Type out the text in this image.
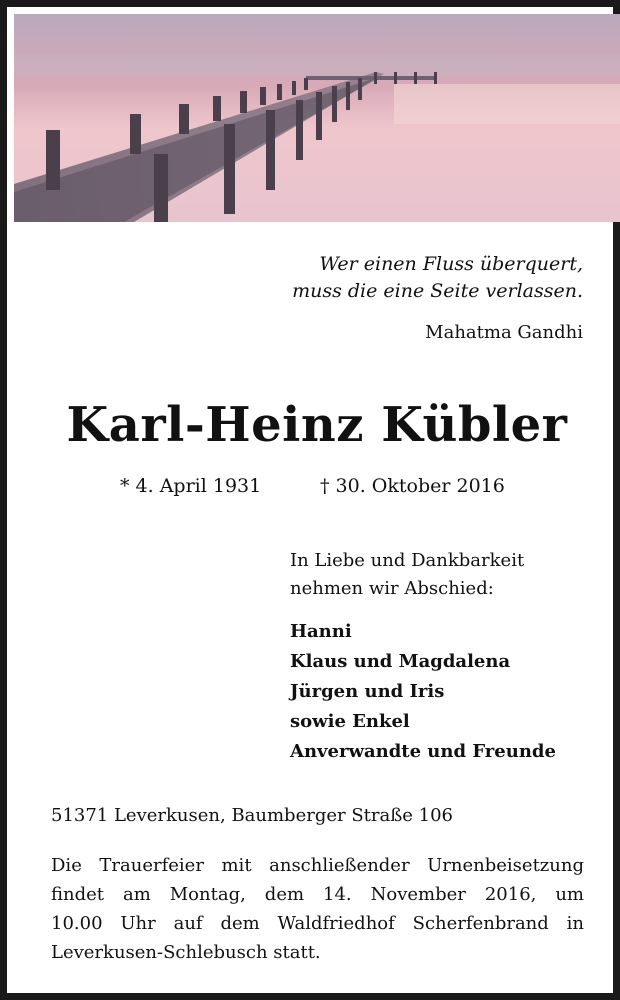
Wer einen Fluss überquert,
muss die eine Seite verlassen.
Mahatma Gandhi
Karl-Heinz Kübler
* 4. April 1931	† 30. Oktober 2016
In Liebe und Dankbarkeit
nehmen wir Abschied:
Hanni
Klaus und Magdalena
Jürgen und Iris
sowie Enkel
Anverwandte und Freunde
51371 Leverkusen, Baumberger Straße 106
Die Trauerfeier mit anschließender Urnenbeisetzung
findet am Montag, dem 14. November 2016, um
10.00 Uhr auf dem Waldfriedhof Scherfenbrand in
Leverkusen-Schlebusch statt.
